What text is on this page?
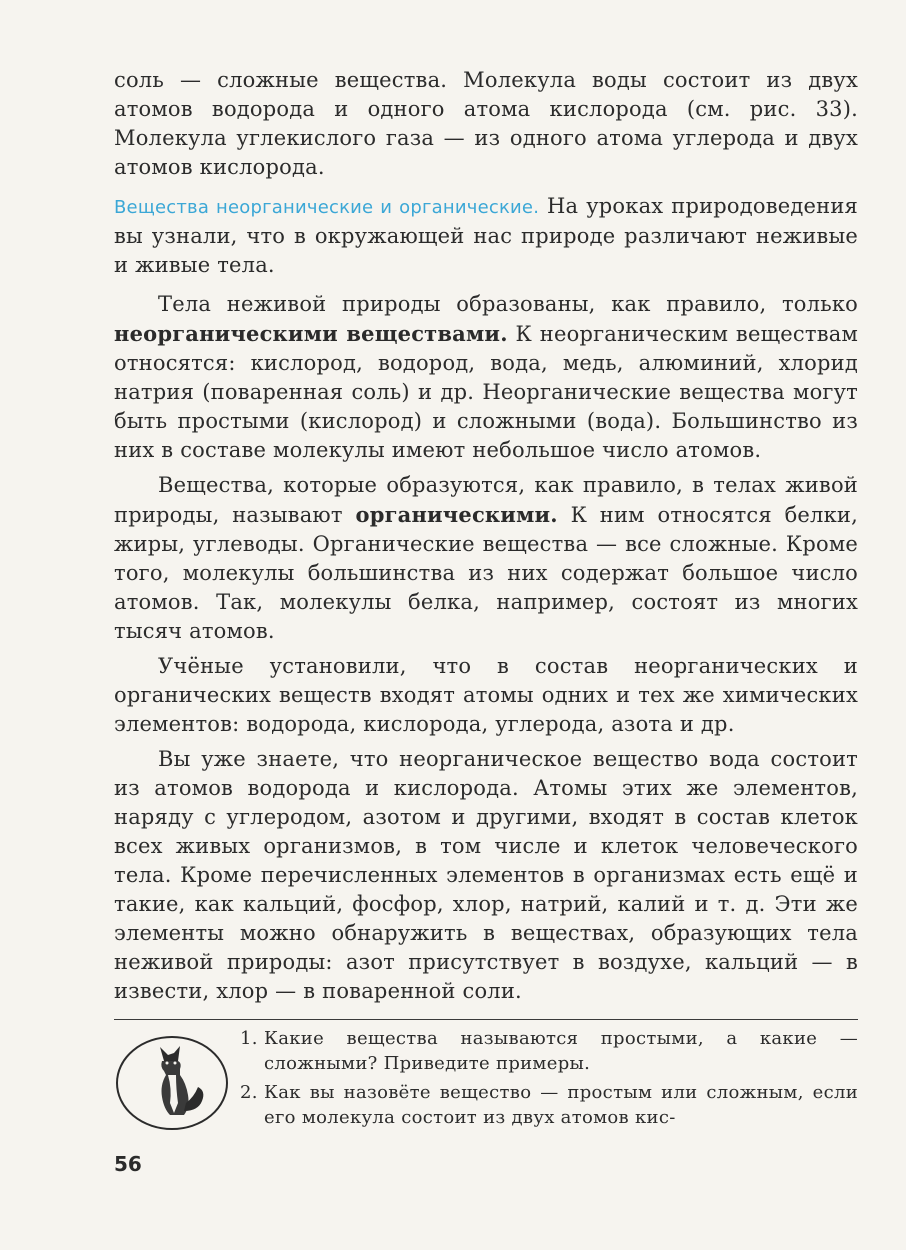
соль — сложные вещества. Молекула воды состоит из двух атомов водорода и одного атома кислорода (см. рис. 33). Молекула углекислого газа — из одного атома углерода и двух атомов кислорода.

Вещества неорганические и органические. На уроках природоведения вы узнали, что в окружающей нас природе различают неживые и живые тела.

Тела неживой природы образованы, как правило, только неорганическими веществами. К неорганическим веществам относятся: кислород, водород, вода, медь, алюминий, хлорид натрия (поваренная соль) и др. Неорганические вещества могут быть простыми (кислород) и сложными (вода). Большинство из них в составе молекулы имеют небольшое число атомов.

Вещества, которые образуются, как правило, в телах живой природы, называют органическими. К ним относятся белки, жиры, углеводы. Органические вещества — все сложные. Кроме того, молекулы большинства из них содержат большое число атомов. Так, молекулы белка, например, состоят из многих тысяч атомов.

Учёные установили, что в состав неорганических и органических веществ входят атомы одних и тех же химических элементов: водорода, кислорода, углерода, азота и др.

Вы уже знаете, что неорганическое вещество вода состоит из атомов водорода и кислорода. Атомы этих же элементов, наряду с углеродом, азотом и другими, входят в состав клеток всех живых организмов, в том числе и клеток человеческого тела. Кроме перечисленных элементов в организмах есть ещё и такие, как кальций, фосфор, хлор, натрий, калий и т. д. Эти же элементы можно обнаружить в веществах, образующих тела неживой природы: азот присутствует в воздухе, кальций — в извести, хлор — в поваренной соли.

1. Какие вещества называются простыми, а какие — сложными? Приведите примеры.
2. Как вы назовёте вещество — простым или сложным, если его молекула состоит из двух атомов кис-
56
